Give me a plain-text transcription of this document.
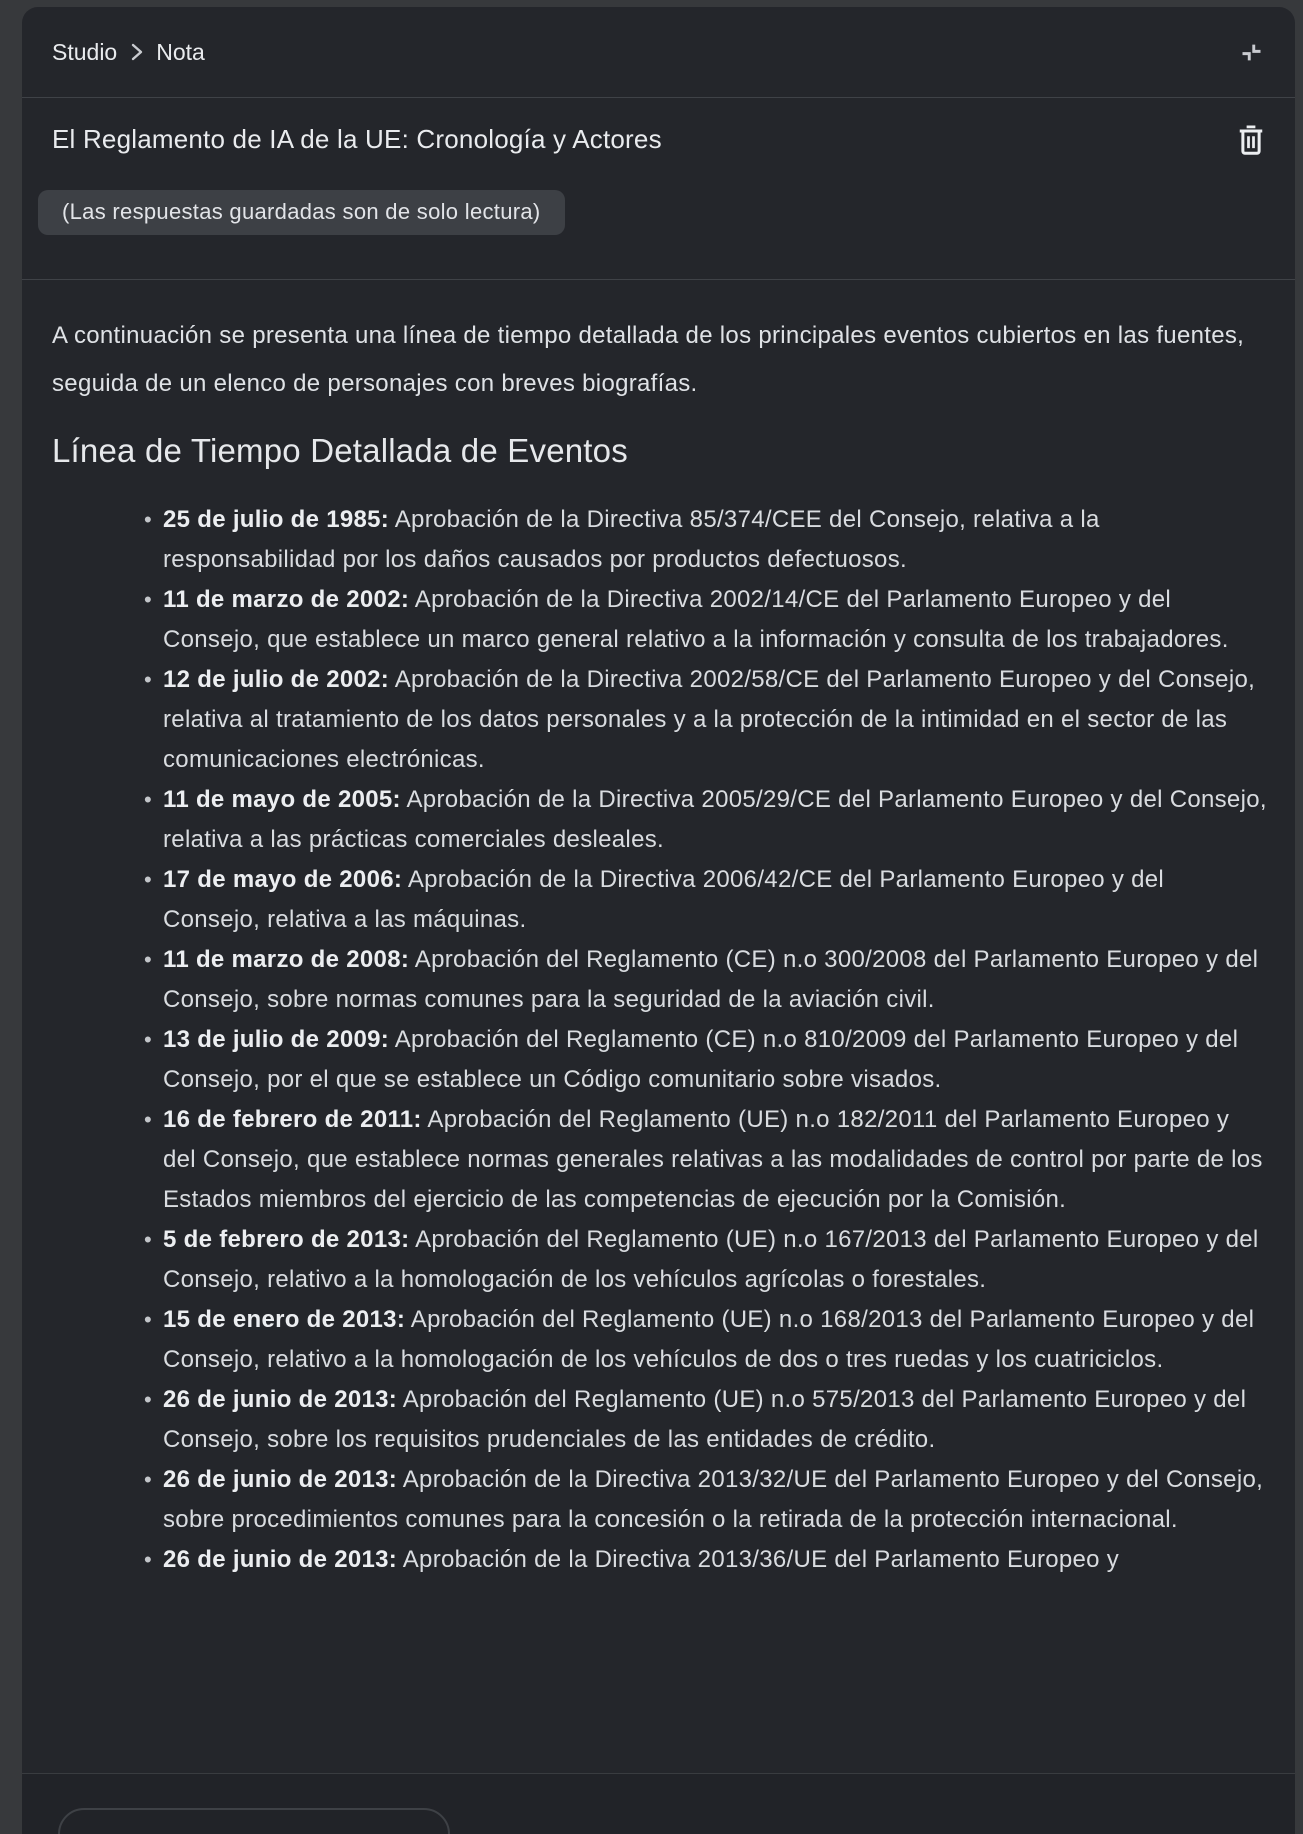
Studio Nota
El Reglamento de IA de la UE: Cronología y Actores
(Las respuestas guardadas son de solo lectura)

A continuación se presenta una línea de tiempo detallada de los principales eventos cubiertos en las fuentes, seguida de un elenco de personajes con breves biografías.

Línea de Tiempo Detallada de Eventos
• 25 de julio de 1985: Aprobación de la Directiva 85/374/CEE del Consejo, relativa a la responsabilidad por los daños causados por productos defectuosos.
• 11 de marzo de 2002: Aprobación de la Directiva 2002/14/CE del Parlamento Europeo y del Consejo, que establece un marco general relativo a la información y consulta de los trabajadores.
• 12 de julio de 2002: Aprobación de la Directiva 2002/58/CE del Parlamento Europeo y del Consejo, relativa al tratamiento de los datos personales y a la protección de la intimidad en el sector de las comunicaciones electrónicas.
• 11 de mayo de 2005: Aprobación de la Directiva 2005/29/CE del Parlamento Europeo y del Consejo, relativa a las prácticas comerciales desleales.
• 17 de mayo de 2006: Aprobación de la Directiva 2006/42/CE del Parlamento Europeo y del Consejo, relativa a las máquinas.
• 11 de marzo de 2008: Aprobación del Reglamento (CE) n.o 300/2008 del Parlamento Europeo y del Consejo, sobre normas comunes para la seguridad de la aviación civil.
• 13 de julio de 2009: Aprobación del Reglamento (CE) n.o 810/2009 del Parlamento Europeo y del Consejo, por el que se establece un Código comunitario sobre visados.
• 16 de febrero de 2011: Aprobación del Reglamento (UE) n.o 182/2011 del Parlamento Europeo y del Consejo, que establece normas generales relativas a las modalidades de control por parte de los Estados miembros del ejercicio de las competencias de ejecución por la Comisión.
• 5 de febrero de 2013: Aprobación del Reglamento (UE) n.o 167/2013 del Parlamento Europeo y del Consejo, relativo a la homologación de los vehículos agrícolas o forestales.
• 15 de enero de 2013: Aprobación del Reglamento (UE) n.o 168/2013 del Parlamento Europeo y del Consejo, relativo a la homologación de los vehículos de dos o tres ruedas y los cuatriciclos.
• 26 de junio de 2013: Aprobación del Reglamento (UE) n.o 575/2013 del Parlamento Europeo y del Consejo, sobre los requisitos prudenciales de las entidades de crédito.
• 26 de junio de 2013: Aprobación de la Directiva 2013/32/UE del Parlamento Europeo y del Consejo, sobre procedimientos comunes para la concesión o la retirada de la protección internacional.
• 26 de junio de 2013: Aprobación de la Directiva 2013/36/UE del Parlamento Europeo y
